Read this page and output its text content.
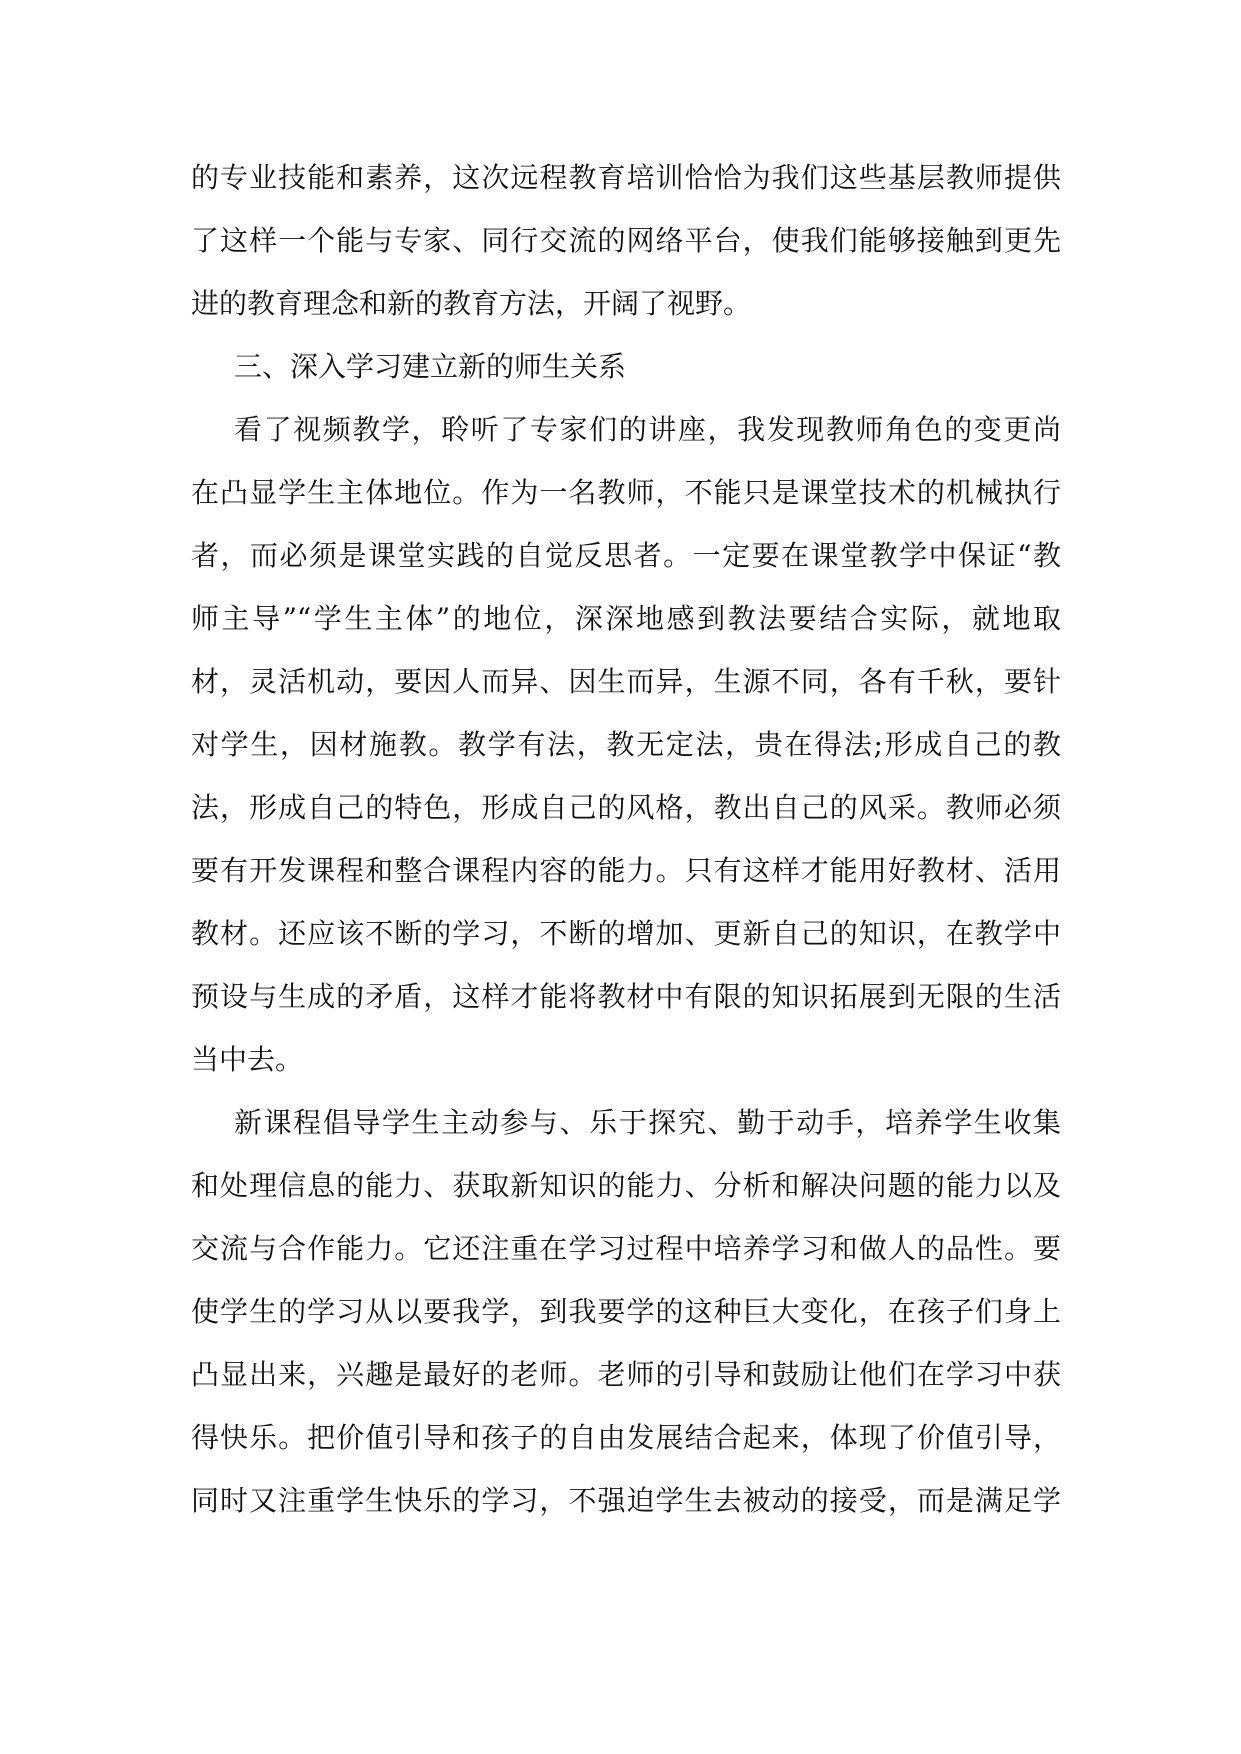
的专业技能和素养，这次远程教育培训恰恰为我们这些基层教师提供
了这样一个能与专家、同行交流的网络平台，使我们能够接触到更先
进的教育理念和新的教育方法，开阔了视野。
三、深入学习建立新的师生关系
看了视频教学，聆听了专家们的讲座，我发现教师角色的变更尚
在凸显学生主体地位。作为一名教师，不能只是课堂技术的机械执行
者，而必须是课堂实践的自觉反思者。一定要在课堂教学中保证“教
师主导”“学生主体”的地位，深深地感到教法要结合实际，就地取
材，灵活机动，要因人而异、因生而异，生源不同，各有千秋，要针
对学生，因材施教。教学有法，教无定法，贵在得法;形成自己的教
法，形成自己的特色，形成自己的风格，教出自己的风采。教师必须
要有开发课程和整合课程内容的能力。只有这样才能用好教材、活用
教材。还应该不断的学习，不断的增加、更新自己的知识，在教学中
预设与生成的矛盾，这样才能将教材中有限的知识拓展到无限的生活
当中去。
新课程倡导学生主动参与、乐于探究、勤于动手，培养学生收集
和处理信息的能力、获取新知识的能力、分析和解决问题的能力以及
交流与合作能力。它还注重在学习过程中培养学习和做人的品性。要
使学生的学习从以要我学，到我要学的这种巨大变化，在孩子们身上
凸显出来，兴趣是最好的老师。老师的引导和鼓励让他们在学习中获
得快乐。把价值引导和孩子的自由发展结合起来，体现了价值引导，
同时又注重学生快乐的学习，不强迫学生去被动的接受，而是满足学
